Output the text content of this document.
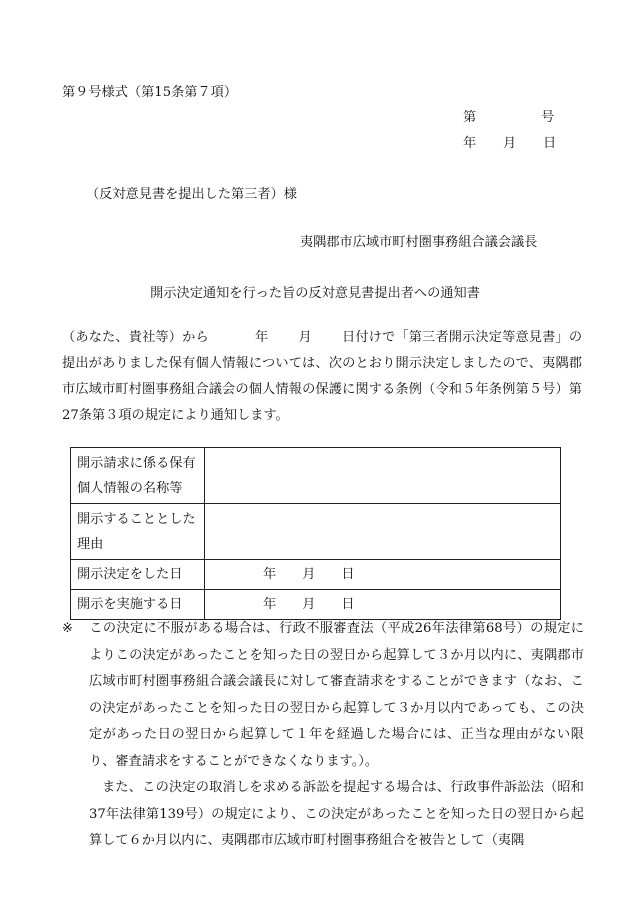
第９号様式（第15条第７項）
第	号
年 月 日
（反対意見書を提出した第三者）様
夷隅郡市広域市町村圏事務組合議会議長
開示決定通知を行った旨の反対意見書提出者への通知書
（あなた、貴社等）から	年 月 日付けで「第三者開示決定等意見書」の提出がありました保有個人情報については、次のとおり開示決定しましたので、夷隅郡市広域市町村圏事務組合議会の個人情報の保護に関する条例（令和５年条例第５号）第27条第３項の規定により通知します。
開示請求に係る保有個人情報の名称等	
開示することとした理由	
開示決定をした日	年 月 日
開示を実施する日	年 月 日

※ この決定に不服がある場合は、行政不服審査法（平成26年法律第68号）の規定によりこの決定があったことを知った日の翌日から起算して３か月以内に、夷隅郡市広域市町村圏事務組合議会議長に対して審査請求をすることができます（なお、この決定があったことを知った日の翌日から起算して３か月以内であっても、この決定があった日の翌日から起算して１年を経過した場合には、正当な理由がない限り、審査請求をすることができなくなります。）。

また、この決定の取消しを求める訴訟を提起する場合は、行政事件訴訟法（昭和37年法律第139号）の規定により、この決定があったことを知った日の翌日から起算して６か月以内に、夷隅郡市広域市町村圏事務組合を被告として（夷隅
